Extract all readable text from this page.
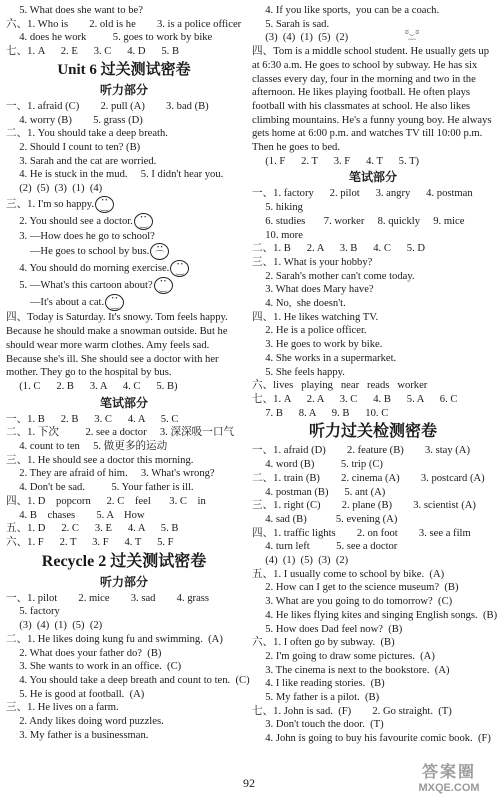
5. What does she want to be?
六、1. Who is        2. old is he        3. is a police officer
4. does he work          5. goes to work by bike
七、1. A      2. E      3. C      4. D      5. B
Unit 6 过关测试密卷
听力部分
一、1. afraid (C)        2. pull (A)        3. bad (B)
4. worry (B)        5. grass (D)
二、1. You should take a deep breath.
2. Should I count to ten? (B)
3. Sarah and the cat are worried.
4. He is stuck in the mud.     5. I didn't hear you.
(2)  (5)  (3)  (1)  (4)
三、1. I'm so happy.• •  ‿
2. You should see a doctor.• •  ‿
3. —How does he go to school?
—He goes to school by bus.• •  ⌒
4. You should do morning exercise.• •  ‿
5. —What's this cartoon about?• •  ‿
—It's about a cat.• •  ‿
四、Today is Saturday. It's snowy. Tom feels happy. Because he should make a snowman outside. But he should wear more warm clothes. Amy feels sad. Because she's ill. She should see a doctor with her mother. They go to the hospital by bus.
(1. C      2. B      3. A      4. C      5. B)
笔试部分
一、1. B      2. B      3. C      4. A      5. C
二、1. 下次          2. see a doctor     3. 深深吸一口气
4. count to ten     5. 做更多的运动
三、1. He should see a doctor this morning.
2. They are afraid of him.     3. What's wrong?
4. Don't be sad.          5. Your father is ill.
四、1. D    popcorn      2. C    feel       3. C    in
4. B    chases        5. A    How
五、1. D      2. C      3. E      4. A      5. B
六、1. F      2. T      3. F      4. T      5. F
Recycle 2 过关测试密卷
听力部分
一、1. pilot        2. mice        3. sad        4. grass
5. factory
(3)  (4)  (1)  (5)  (2)
二、1. He likes doing kung fu and swimming.  (A)
2. What does your father do?  (B)
3. She wants to work in an office.  (C)
4. You should take a deep breath and count to ten.  (C)
5. He is good at football.  (A)
三、1. He lives on a farm.
2. Andy likes doing word puzzles.
3. My father is a businessman.
4. If you like sports,  you can be a coach.
5. Sarah is sad.
(3)  (4)  (1)  (5)  (2)
四、Tom is a middle school student. He usually gets up at 6:30 a.m. He goes to school by subway. He has six classes every day, four in the morning and two in the afternoon. He likes playing football. He often plays football with his classmates at school. He also likes climbing mountains. He's a funny young boy. He always gets home at 6:00 p.m. and watches TV till 10:00 p.m. Then he goes to bed.
(1. F      2. T      3. F      4. T      5. T)
笔试部分
一、1. factory      2. pilot      3. angry      4. postman
5. hiking
6. studies       7. worker     8. quickly     9. mice
10. more
二、1. B      2. A      3. B      4. C      5. D
三、1. What is your hobby?
2. Sarah's mother can't come today.
3. What does Mary have?
4. No,  she doesn't.
四、1. He likes watching TV.
2. He is a police officer.
3. He goes to work by bike.
4. She works in a supermarket.
5. She feels happy.
六、lives   playing   near   reads   worker
七、1. A      2. A      3. C      4. B      5. A      6. C
7. B      8. A      9. B      10. C
听力过关检测密卷
一、1. afraid (D)        2. feature (B)        3. stay (A)
4. word (B)          5. trip (C)
二、1. train (B)        2. cinema (A)        3. postcard (A)
4. postman (B)      5. ant (A)
三、1. right (C)        2. plane (B)        3. scientist (A)
4. sad (B)           5. evening (A)
四、1. traffic lights        2. on foot        3. see a film
4. turn left          5. see a doctor
(4)  (1)  (5)  (3)  (2)
五、1. I usually come to school by bike.  (A)
2. How can I get to the science museum?  (B)
3. What are you going to do tomorrow?  (C)
4. He likes flying kites and singing English songs.  (B)
5. How does Dad feel now?  (B)
六、1. I often go by subway.  (B)
2. I'm going to draw some pictures.  (A)
3. The cinema is next to the bookstore.  (A)
4. I like reading stories.  (B)
5. My father is a pilot.  (B)
七、1. John is sad.  (F)        2. Go straight.  (T)
3. Don't touch the door.  (T)
4. John is going to buy his favourite comic book.  (F)
ಠ‿ಠ
~~
92
答案圈
MXQE.COM
